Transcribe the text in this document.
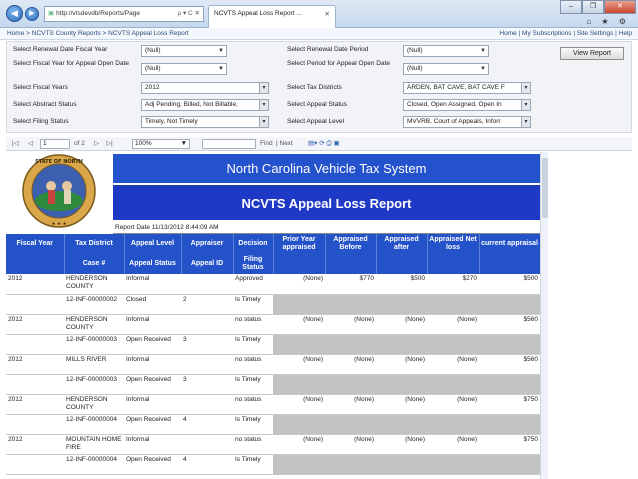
◀	▶	▣ http://vtsdevdb/Reports/Page	ρ ▾ C ✕	NCVTS Appeal Loss Report ...	✕
–	❐	✕
⌂ ★ ⚙
Home > NCVTS County Reports > NCVTS Appeal Loss Report	Home | My Subscriptions | Site Settings | Help
Select Renewal Date Fiscal Year	(Null)	▼
Select Fiscal Year for Appeal Open Date
(Null)	▼
Select Fiscal Years	2012	▾
Select Abstract Status	Adj Pending, Billed, Not Billable,	▾
Select Filing Status	Timely, Not Timely	▾
Select Renewal Date Period	(Null)	▼
Select Period for Appeal Open Date
(Null)	▼
Select Tax Districts	ARDEN, BAT CAVE, BAT CAVE F	▾
Select Appeal Status	Closed, Open Assigned, Open In	▾
Select Appeal Level	MVVRB, Court of Appeals, Inforr	▾
View Report
|◁ ◁	1	of 2 ▷ ▷|	100%	▼	Find | Next ▤▾ ⟳ ⎙ ▣
STATE OF NORTH
★ ★ ★
North Carolina Vehicle Tax System
NCVTS Appeal Loss Report
Report Date 11/13/2012 8:44:09 AM
Fiscal Year	Tax District	Appeal Level	Appraiser	Decision	Prior Year appraised	Appraised Before	Appraised after	Appraised Net loss	current appraisal
	Case #	Appeal Status	Appeal ID	Filing Status					
2012	HENDERSON COUNTY	Informal		Approved	(None)	$770	$500	$270	$500
	12-INF-00000002	Closed	2	Is Timely					
2012	HENDERSON COUNTY	Informal		no status	(None)	(None)	(None)	(None)	$560
	12-INF-00000003	Open Received	3	Is Timely					
2012	MILLS RIVER	Informal		no status	(None)	(None)	(None)	(None)	$560
	12-INF-00000003	Open Received	3	Is Timely					
2012	HENDERSON COUNTY	Informal		no status	(None)	(None)	(None)	(None)	$750
	12-INF-00000004	Open Received	4	Is Timely					
2012	MOUNTAIN HOME FIRE	Informal		no status	(None)	(None)	(None)	(None)	$750
	12-INF-00000004	Open Received	4	Is Timely					
